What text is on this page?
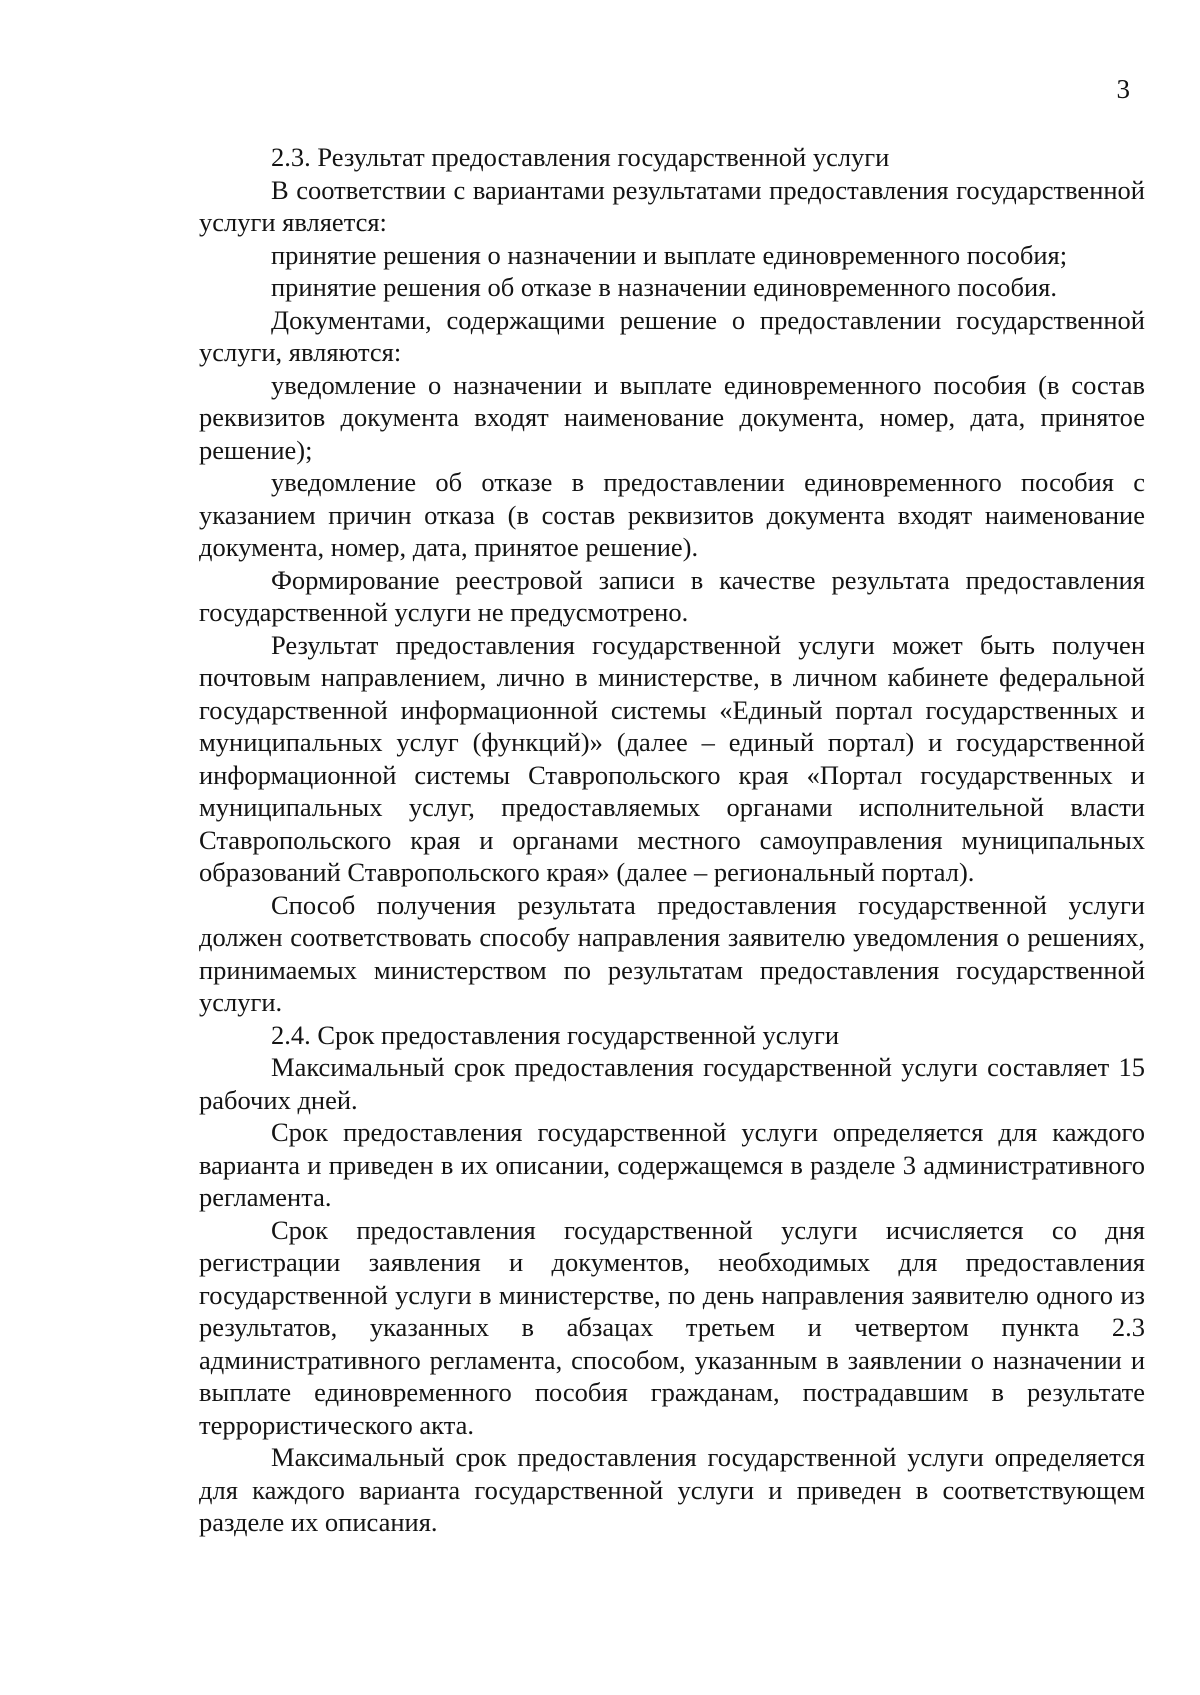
3

2.3. Результат предоставления государственной услуги

В соответствии с вариантами результатами предоставления государственной услуги является:

принятие решения о назначении и выплате единовременного пособия;

принятие решения об отказе в назначении единовременного пособия.

Документами, содержащими решение о предоставлении государственной услуги, являются:

уведомление о назначении и выплате единовременного пособия (в состав реквизитов документа входят наименование документа, номер, дата, принятое решение);

уведомление об отказе в предоставлении единовременного пособия с указанием причин отказа (в состав реквизитов документа входят наименование документа, номер, дата, принятое решение).

Формирование реестровой записи в качестве результата предоставления государственной услуги не предусмотрено.

Результат предоставления государственной услуги может быть получен почтовым направлением, лично в министерстве, в личном кабинете федеральной государственной информационной системы «Единый портал государственных и муниципальных услуг (функций)» (далее – единый портал) и государственной информационной системы Ставропольского края «Портал государственных и муниципальных услуг, предоставляемых органами исполнительной власти Ставропольского края и органами местного самоуправления муниципальных образований Ставропольского края» (далее – региональный портал).

Способ получения результата предоставления государственной услуги должен соответствовать способу направления заявителю уведомления о решениях, принимаемых министерством по результатам предоставления государственной услуги.

2.4. Срок предоставления государственной услуги

Максимальный срок предоставления государственной услуги составляет 15 рабочих дней.

Срок предоставления государственной услуги определяется для каждого варианта и приведен в их описании, содержащемся в разделе 3 административного регламента.

Срок предоставления государственной услуги исчисляется со дня регистрации заявления и документов, необходимых для предоставления государственной услуги в министерстве, по день направления заявителю одного из результатов, указанных в абзацах третьем и четвертом пункта 2.3 административного регламента, способом, указанным в заявлении о назначении и выплате единовременного пособия гражданам, пострадавшим в результате террористического акта.

Максимальный срок предоставления государственной услуги определяется для каждого варианта государственной услуги и приведен в соответствующем разделе их описания.
